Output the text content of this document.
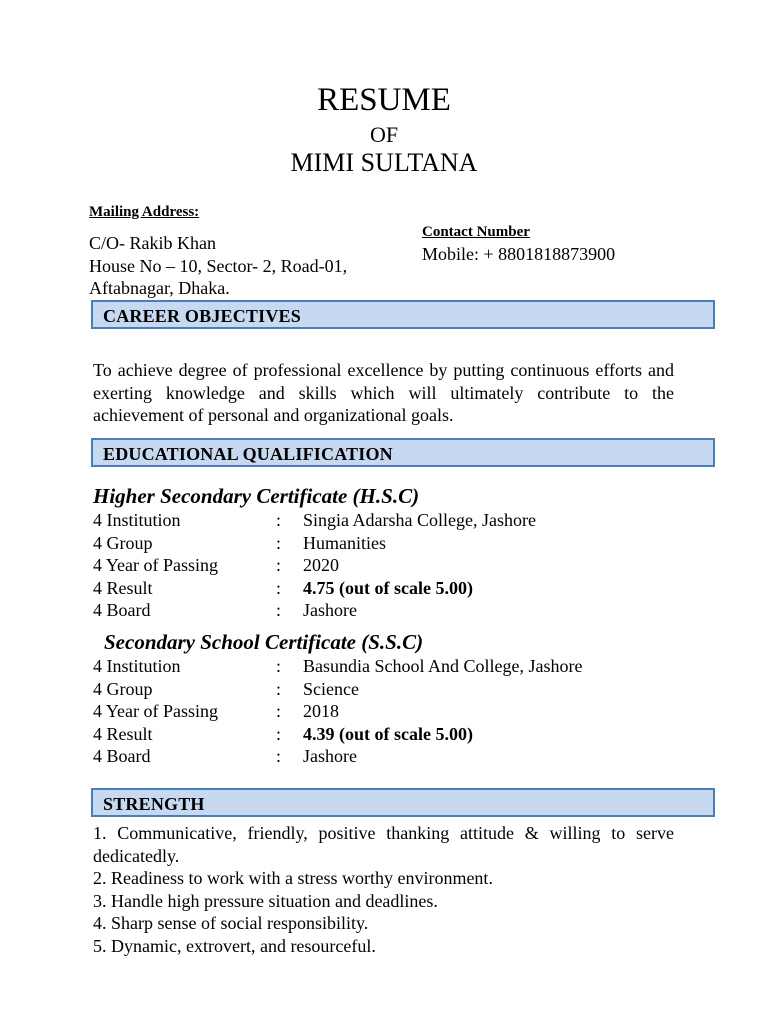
RESUME
OF
MIMI SULTANA
Mailing Address:
C/O- Rakib Khan
House No – 10, Sector- 2, Road-01,
Aftabnagar, Dhaka.
Contact Number
Mobile: + 8801818873900
CAREER OBJECTIVES
To achieve degree of professional excellence by putting continuous efforts and exerting knowledge and skills which will ultimately contribute to the achievement of personal and organizational goals.
EDUCATIONAL QUALIFICATION
Higher Secondary Certificate (H.S.C)
4 Institution	: Singia Adarsha College, Jashore
4 Group	: Humanities
4 Year of Passing	: 2020
4 Result	: 4.75 (out of scale 5.00)
4 Board	: Jashore
Secondary School Certificate (S.S.C)
4 Institution	: Basundia School And College, Jashore
4 Group	: Science
4 Year of Passing	: 2018
4 Result	: 4.39 (out of scale 5.00)
4 Board	: Jashore
STRENGTH
1. Communicative, friendly, positive thanking attitude & willing to serve dedicatedly.
2. Readiness to work with a stress worthy environment.
3. Handle high pressure situation and deadlines.
4. Sharp sense of social responsibility.
5. Dynamic, extrovert, and resourceful.
